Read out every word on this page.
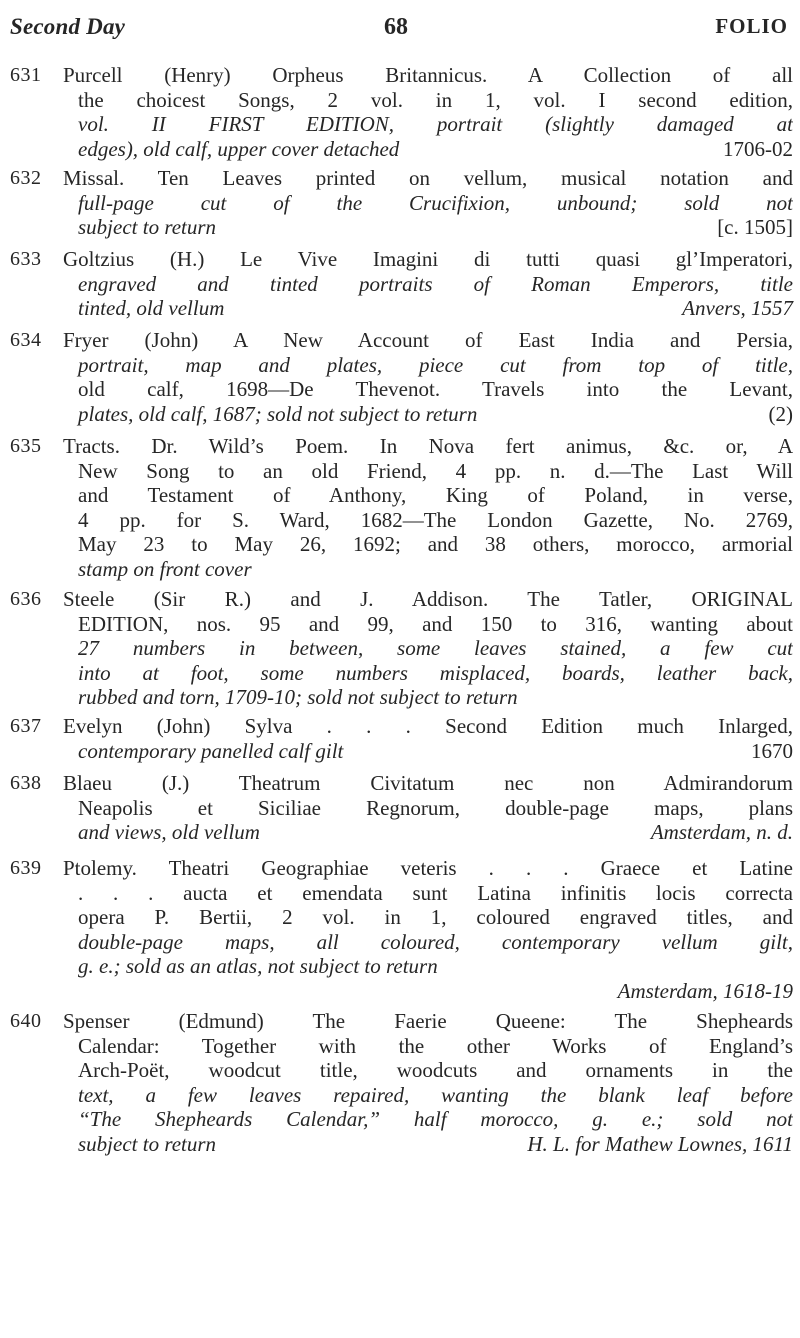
Second Day	68	FOLIO
631 Purcell (Henry) Orpheus Britannicus. A Collection of all
the choicest Songs, 2 vol. in 1, vol. I second edition,
vol. II FIRST EDITION, portrait (slightly damaged at
edges), old calf, upper cover detached	1706-02
632 Missal. Ten Leaves printed on vellum, musical notation and
full-page cut of the Crucifixion, unbound; sold not
subject to return	[c. 1505]
633 Goltzius (H.) Le Vive Imagini di tutti quasi gl’Imperatori,
engraved and tinted portraits of Roman Emperors, title
tinted, old vellum	Anvers, 1557
634 Fryer (John) A New Account of East India and Persia,
portrait, map and plates, piece cut from top of title,
old calf, 1698—De Thevenot. Travels into the Levant,
plates, old calf, 1687; sold not subject to return	(2)
635 Tracts. Dr. Wild’s Poem. In Nova fert animus, &c. or, A
New Song to an old Friend, 4 pp. n. d.—The Last Will
and Testament of Anthony, King of Poland, in verse,
4 pp. for S. Ward, 1682—The London Gazette, No. 2769,
May 23 to May 26, 1692; and 38 others, morocco, armorial
stamp on front cover
636 Steele (Sir R.) and J. Addison. The Tatler, ORIGINAL
EDITION, nos. 95 and 99, and 150 to 316, wanting about
27 numbers in between, some leaves stained, a few cut
into at foot, some numbers misplaced, boards, leather back,
rubbed and torn, 1709-10; sold not subject to return
637 Evelyn (John) Sylva . . . Second Edition much Inlarged,
contemporary panelled calf gilt	1670
638 Blaeu (J.) Theatrum Civitatum nec non Admirandorum
Neapolis et Siciliae Regnorum, double-page maps, plans
and views, old vellum	Amsterdam, n. d.
639 Ptolemy. Theatri Geographiae veteris . . . Graece et Latine
. . . aucta et emendata sunt Latina infinitis locis correcta
opera P. Bertii, 2 vol. in 1, coloured engraved titles, and
double-page maps, all coloured, contemporary vellum gilt,
g. e.; sold as an atlas, not subject to return
Amsterdam, 1618-19
640 Spenser (Edmund) The Faerie Queene: The Shepheards
Calendar: Together with the other Works of England’s
Arch-Poët, woodcut title, woodcuts and ornaments in the
text, a few leaves repaired, wanting the blank leaf before
“The Shepheards Calendar,” half morocco, g. e.; sold not
subject to return	H. L. for Mathew Lownes, 1611
